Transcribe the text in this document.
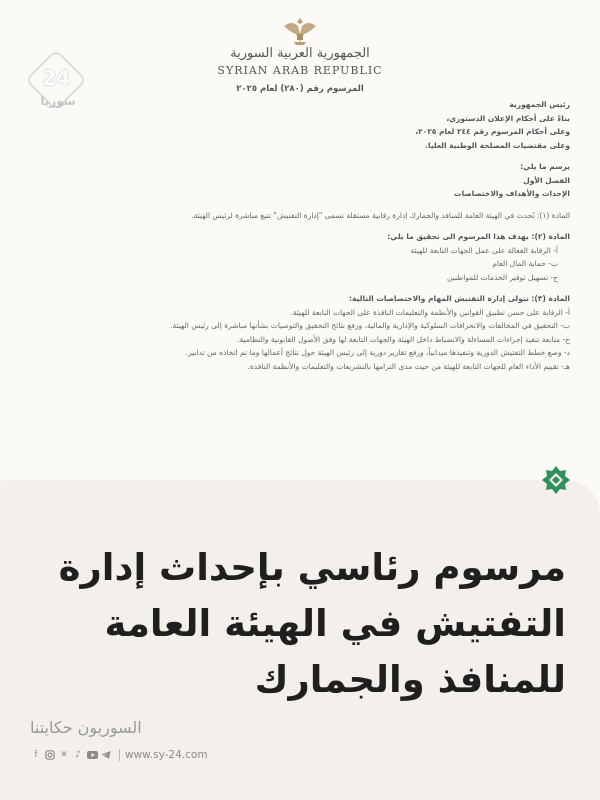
الجمهورية العربية السورية
SYRIAN ARAB REPUBLIC
المرسوم رقم (٢٨٠) لعام ٢٠٢٥
رئيس الجمهورية
بناءً على أحكام الإعلان الدستوري،
وعلى أحكام المرسوم رقم ٢٤٤ لعام ٢٠٢٥،
وعلى مقتضيات المصلحة الوطنية العليا.
يرسم ما يلي:
الفصل الأول
الإحداث والأهداف والاختصاصات
المادة (١): تُحدث في الهيئة العامة للمنافذ والجمارك إدارة رقابية مستقلة تسمى "إدارة التفتيش" تتبع مباشرة لرئيس الهيئة.
المادة (٢): يهدف هذا المرسوم الى تحقيق ما يلي:
أ- الرقابة الفعالة على عمل الجهات التابعة للهيئة
ب- حماية المال العام
ج- تسهيل توفير الخدمات للمواطنين
المادة (٣): تتولى إدارة التفتيش المهام والاختصاصات التالية:
أ- الرقابة على حسن تطبيق القوانين والأنظمة والتعليمات النافذة على الجهات التابعة للهيئة.
ب- التحقيق في المخالفات والانحرافات السلوكية والإدارية والمالية، ورفع نتائج التحقيق والتوصيات بشأنها مباشرة إلى رئيس الهيئة.
ج- متابعة تنفيذ إجراءات المساءلة والانضباط داخل الهيئة والجهات التابعة لها وفق الأصول القانونية والنظامية.
د- وضع خطط التفتيش الدورية وتنفيذها ميدانياً، ورفع تقارير دورية إلى رئيس الهيئة حول نتائج أعمالها وما تم اتخاذه من تدابير.
هـ- تقييم الأداء العام للجهات التابعة للهيئة من حيث مدى التزامها بالتشريعات والتعليمات والأنظمة النافذة.
24
سوريا
مرسوم رئاسي بإحداث إدارة التفتيش في الهيئة العامة للمنافذ والجمارك
السوريون حكايتنا
f	✕ ♪	www.sy-24.com
